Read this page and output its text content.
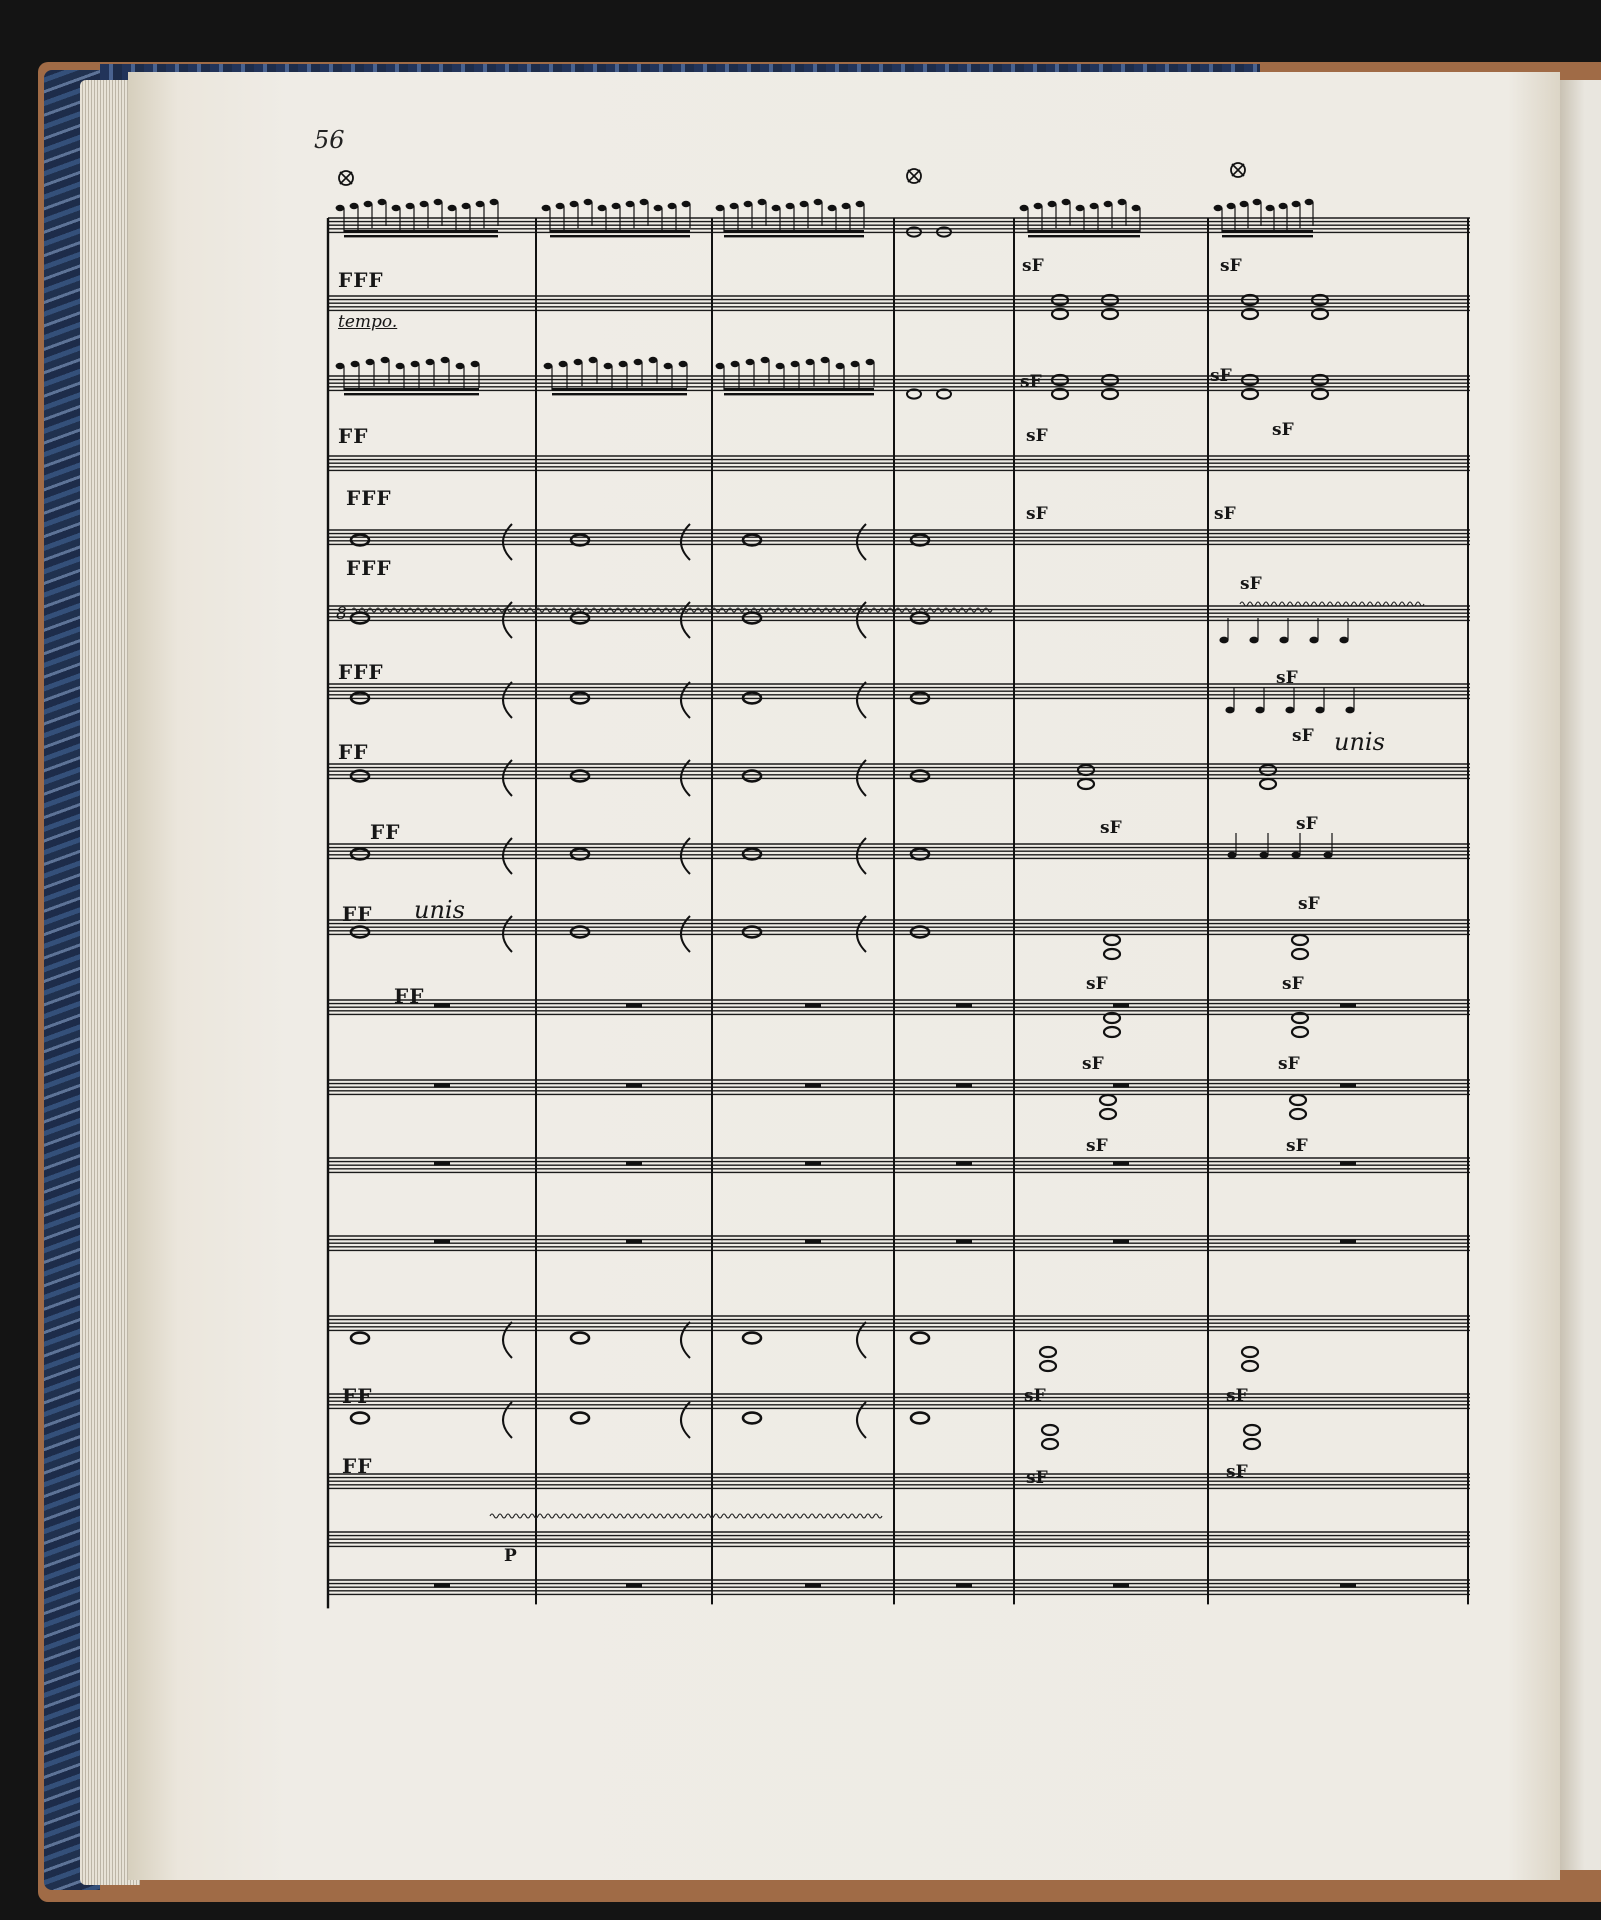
56
tempo.
8
FFF
FF
FFF
FFF
FFF
FF
FF
FF unis
FF
FF
FF
P
sF	sF
sF	sF
sF	sF
sF	sF
sF
sF
sF unis
sF	sF
sF
sF	sF
sF	sF
sF	sF
sF	sF
sF	sF
